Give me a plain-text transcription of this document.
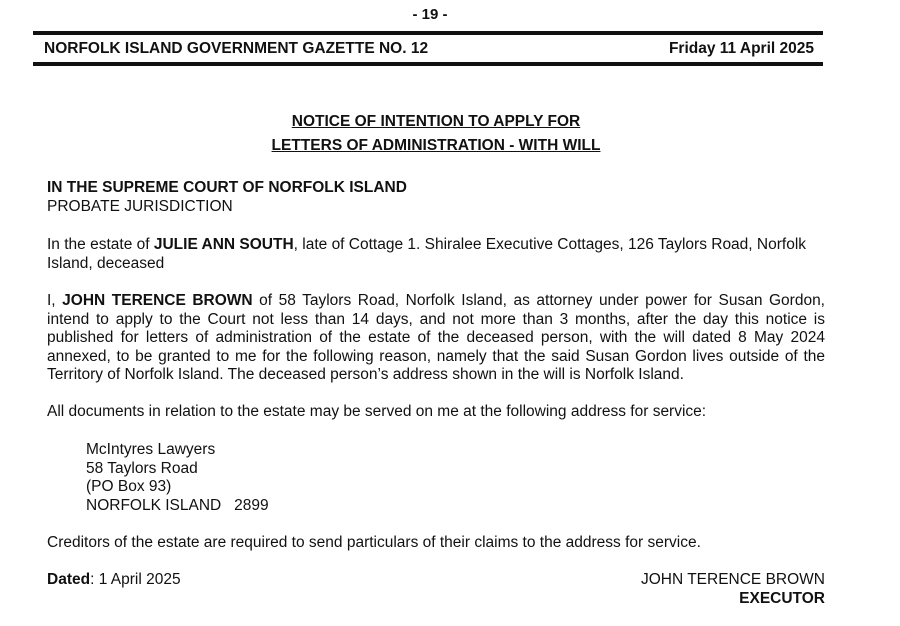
- 19 -
NORFOLK ISLAND GOVERNMENT GAZETTE NO. 12	Friday 11 April 2025
NOTICE OF INTENTION TO APPLY FOR
LETTERS OF ADMINISTRATION - WITH WILL
IN THE SUPREME COURT OF NORFOLK ISLAND
PROBATE JURISDICTION
In the estate of JULIE ANN SOUTH, late of Cottage 1. Shiralee Executive Cottages, 126 Taylors Road, Norfolk Island, deceased
I, JOHN TERENCE BROWN of 58 Taylors Road, Norfolk Island, as attorney under power for Susan Gordon, intend to apply to the Court not less than 14 days, and not more than 3 months, after the day this notice is published for letters of administration of the estate of the deceased person, with the will dated 8 May 2024 annexed, to be granted to me for the following reason, namely that the said Susan Gordon lives outside of the Territory of Norfolk Island. The deceased person’s address shown in the will is Norfolk Island.
All documents in relation to the estate may be served on me at the following address for service:
McIntyres Lawyers
58 Taylors Road
(PO Box 93)
NORFOLK ISLAND   2899
Creditors of the estate are required to send particulars of their claims to the address for service.
Dated: 1 April 2025	JOHN TERENCE BROWN
EXECUTOR
